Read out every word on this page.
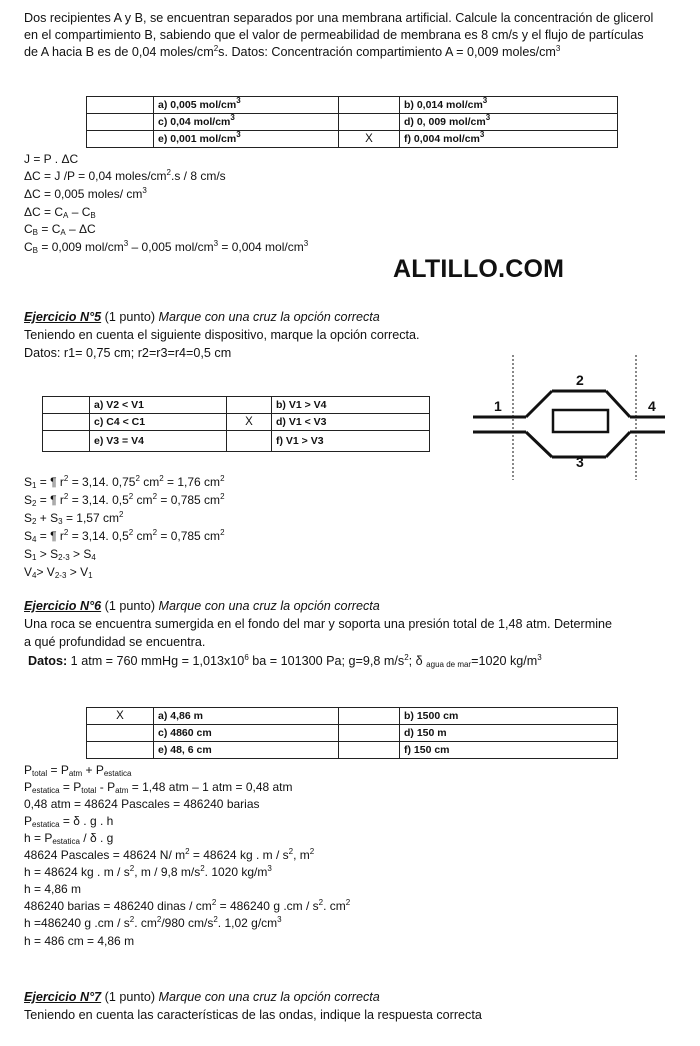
Dos recipientes A y B, se encuentran separados por una membrana artificial. Calcule la concentración de glicerol
en el compartimiento B, sabiendo que el valor de permeabilidad de membrana es 8 cm/s y el flujo de partículas
de A hacia B es de 0,04 moles/$cm^2s$. Datos: Concentración compartimiento A = 0,009 moles/$cm^3$
	a) 0,005 mol/$cm^3$		b) 0,014 mol/$cm^3$
	c) 0,04 mol/$cm^3$		d) 0, 009 mol/$cm^3$
	e) 0,001 mol/$cm^3$	X	f) 0,004 mol/$cm^3$
J = P . ΔC
ΔC = J /P = 0,04 moles/$cm^2.s / 8$ cm/s
ΔC = 0,005 moles/ $cm^3$
$\Delta C = C_A - C_B$
$C_B = C_A - \Delta C$
$C_B = 0,009$ mol/$cm^3 - 0,005$ mol/$cm^3 = 0,004$ mol/$cm^3$
ALTILLO.COM
Ejercicio N°5 (1 punto) Marque con una cruz la opción correcta
Teniendo en cuenta el siguiente dispositivo, marque la opción correcta.
Datos: r1= 0,75 cm; r2=r3=r4=0,5 cm
	a) V2 < V1		b) V1 > V4
	c) C4 < C1	X	d) V1 < V3
	e) V3 = V4		f) V1 > V3
1
2
3
4
$S_1$ = ¶ $r^2 = 3,14$. 0,75$^2$ $cm^2 = 1,76$ $cm^2$
$S_2$ = ¶ $r^2 = 3,14$. $0,5^2$ $cm^2 = 0,785$ $cm^2$
$S_2 + S_3 = 1,57$ $cm^2$
$S_4$ = ¶ $r^2 = 3,14$. $0,5^2$ $cm^2 = 0,785$ $cm^2$
$S_1 > S_{2-3} > S_4$
$V_4> V_{2-3} > V_1$
Ejercicio N°6 (1 punto) Marque con una cruz la opción correcta
Una roca se encuentra sumergida en el fondo del mar y soporta una presión total de 1,48 atm. Determine
a qué profundidad se encuentra.
Datos: 1 atm = 760 mmHg = $1,013x10^6$ ba = 101300 Pa; g=9,8 $m/s^2$; δ $_{agua de mar}$=1020 $kg/m^3$
X	a) 4,86 m		b) 1500 cm
	c) 4860 cm		d) 150 m
	e) 48, 6 cm		f) 150 cm
$P_{total} = P_{atm} + P_{estatica}$
$P_{estatica} = P_{total} - P_{atm} = 1,48$ atm – 1 atm = 0,48 atm
0,48 atm = 48624 Pascales = 486240 barias
$P_{estatica} = \delta$ . g . h
$h = P_{estatica} / \delta$ . g
48624 Pascales = 48624 N/ $m^2 = 48624$ kg . m / $s^2$, $m^2$
h = 48624 kg . m / $s^2$, m / 9,8 $m/s^2$. 1020 $kg/m^3$
h = 4,86 m
486240 barias = 486240 dinas / $cm^2 = 486240$ g .cm / $s^2$. $cm^2$
h =486240 g .cm / $s^2$. $cm^2/980$ $cm/s^2$. 1,02 $g/cm^3$
h = 486 cm = 4,86 m
Ejercicio N°7 (1 punto) Marque con una cruz la opción correcta
Teniendo en cuenta las características de las ondas, indique la respuesta correcta
